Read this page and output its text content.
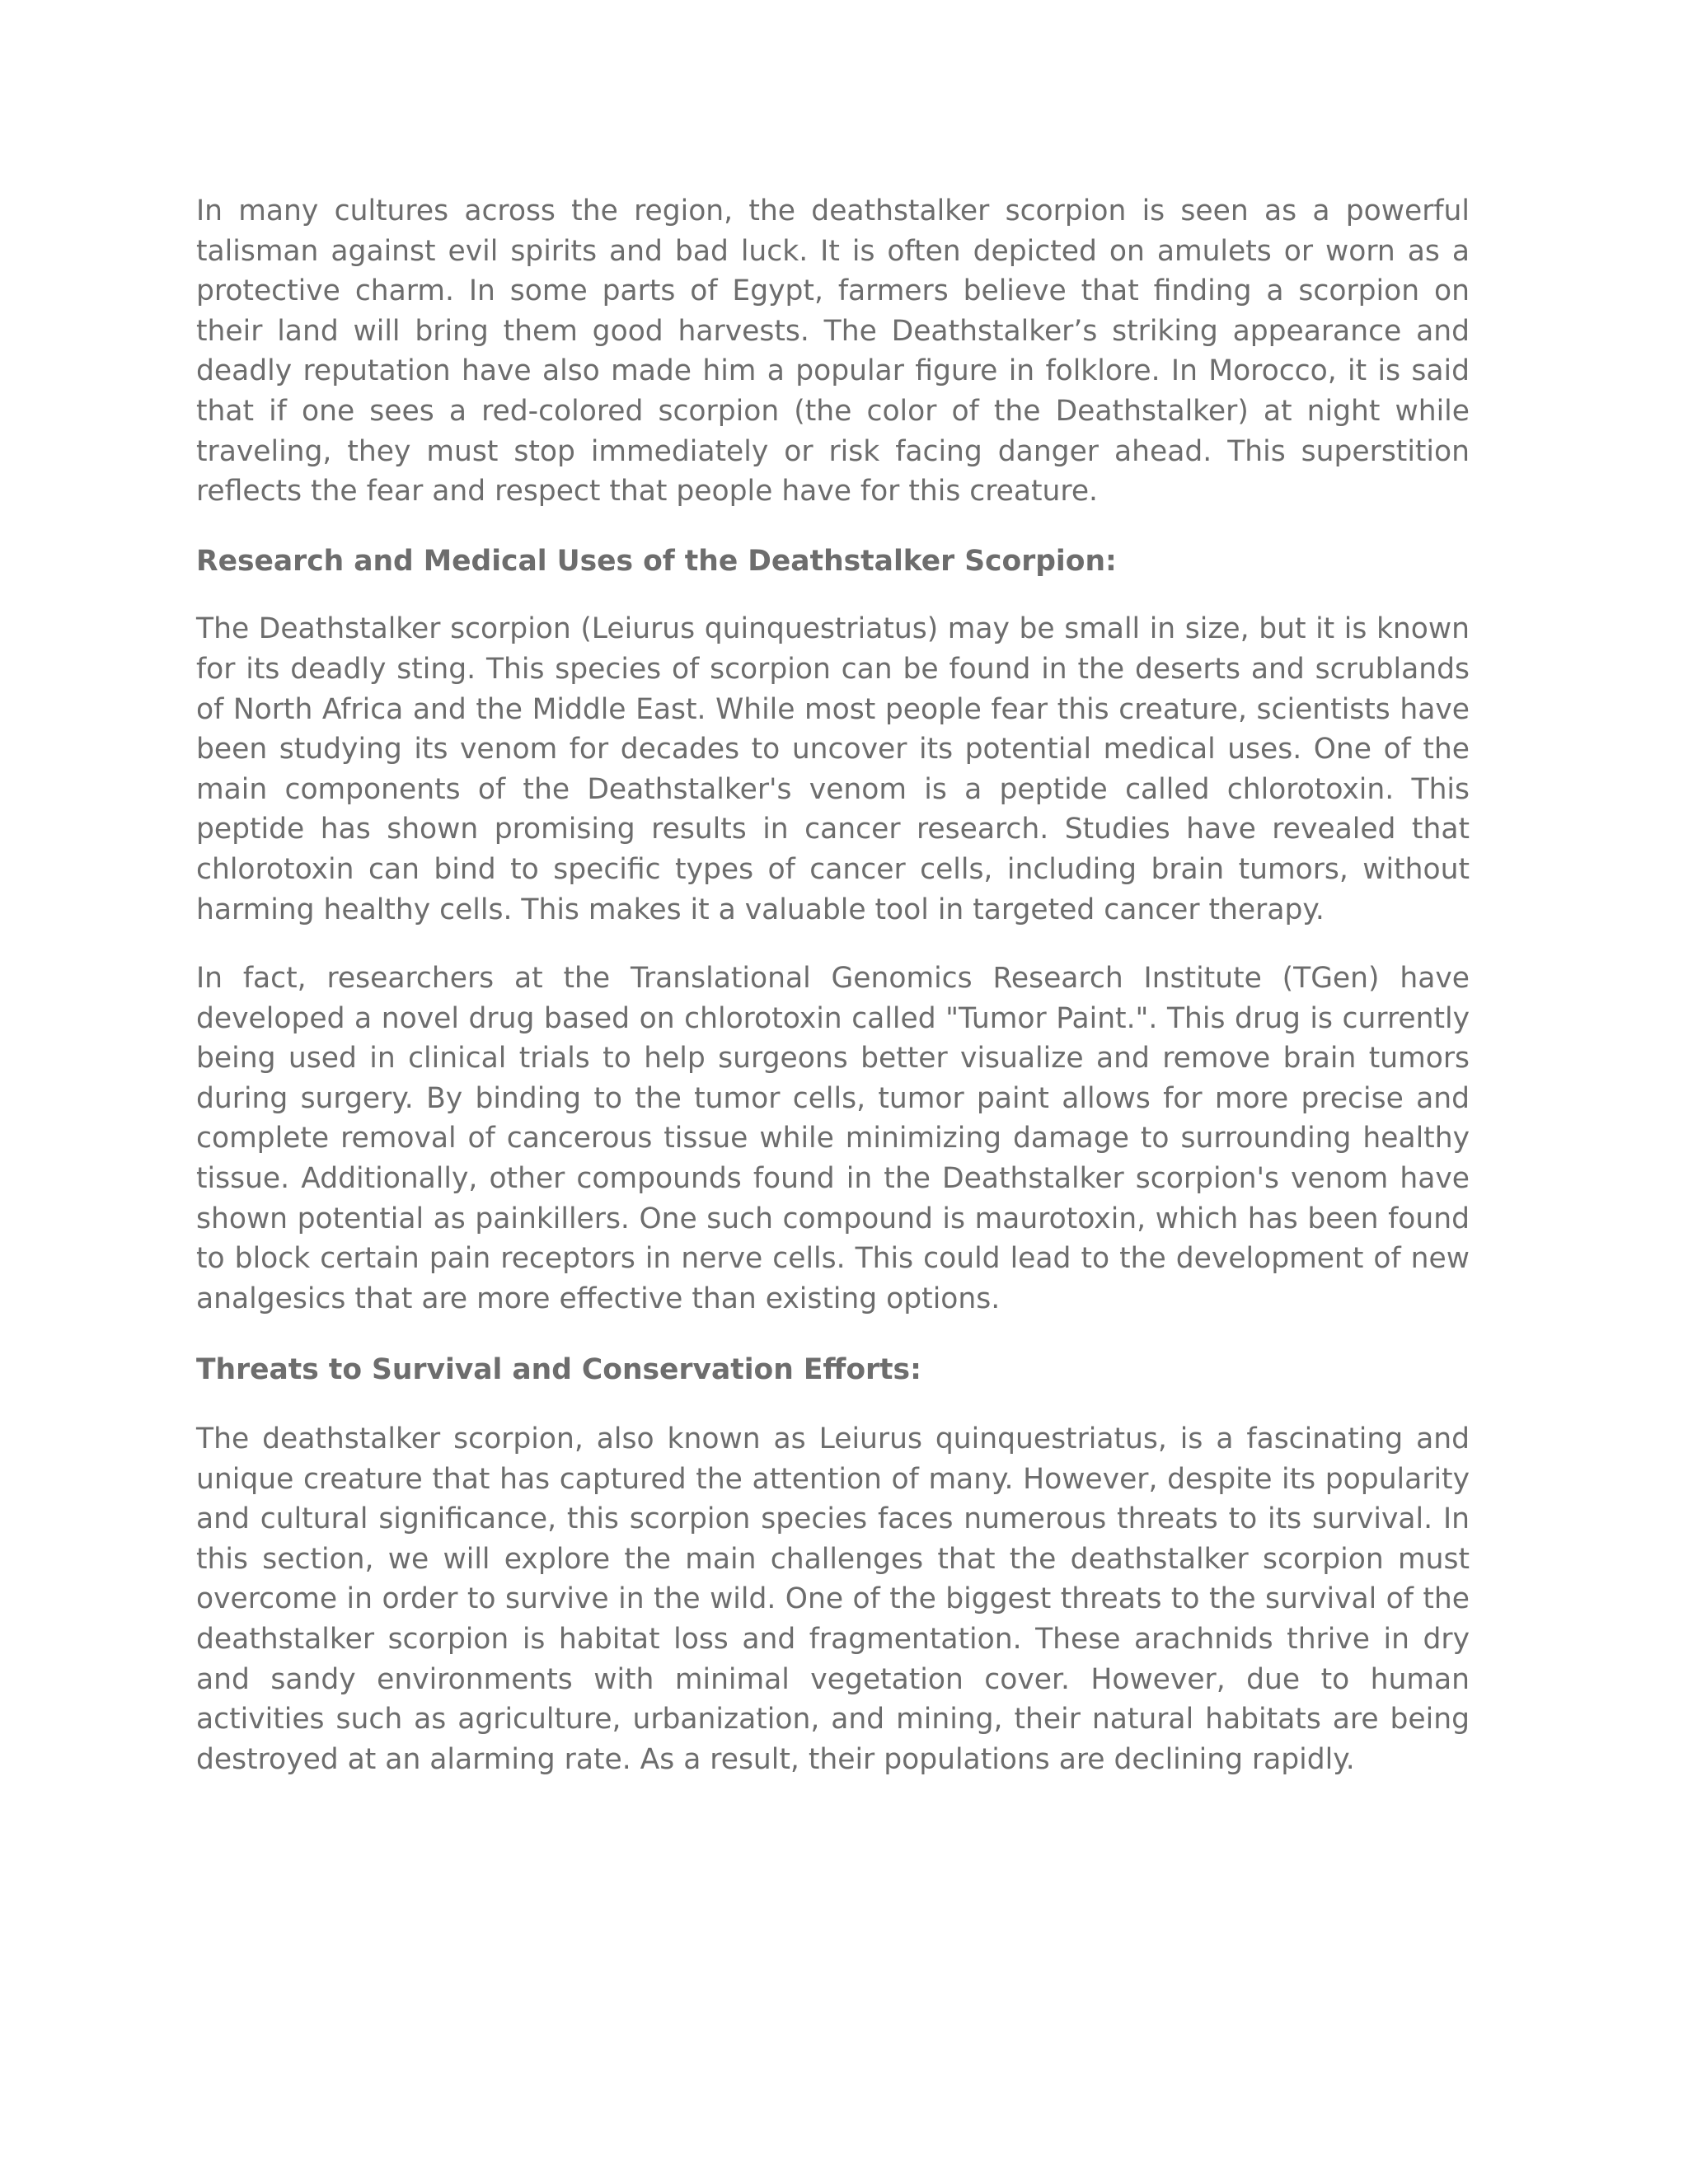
In many cultures across the region, the deathstalker scorpion is seen as a powerful talisman against evil spirits and bad luck. It is often depicted on amulets or worn as a protective charm. In some parts of Egypt, farmers believe that finding a scorpion on their land will bring them good harvests. The Deathstalker’s striking appearance and deadly reputation have also made him a popular figure in folklore. In Morocco, it is said that if one sees a red-colored scorpion (the color of the Deathstalker) at night while traveling, they must stop immediately or risk facing danger ahead. This superstition reflects the fear and respect that people have for this creature.

Research and Medical Uses of the Deathstalker Scorpion:

The Deathstalker scorpion (Leiurus quinquestriatus) may be small in size, but it is known for its deadly sting. This species of scorpion can be found in the deserts and scrublands of North Africa and the Middle East. While most people fear this creature, scientists have been studying its venom for decades to uncover its potential medical uses. One of the main components of the Deathstalker's venom is a peptide called chlorotoxin. This peptide has shown promising results in cancer research. Studies have revealed that chlorotoxin can bind to specific types of cancer cells, including brain tumors, without harming healthy cells. This makes it a valuable tool in targeted cancer therapy.

In fact, researchers at the Translational Genomics Research Institute (TGen) have developed a novel drug based on chlorotoxin called "Tumor Paint.". This drug is currently being used in clinical trials to help surgeons better visualize and remove brain tumors during surgery. By binding to the tumor cells, tumor paint allows for more precise and complete removal of cancerous tissue while minimizing damage to surrounding healthy tissue. Additionally, other compounds found in the Deathstalker scorpion's venom have shown potential as painkillers. One such compound is maurotoxin, which has been found to block certain pain receptors in nerve cells. This could lead to the development of new analgesics that are more effective than existing options.

Threats to Survival and Conservation Efforts:

The deathstalker scorpion, also known as Leiurus quinquestriatus, is a fascinating and unique creature that has captured the attention of many. However, despite its popularity and cultural significance, this scorpion species faces numerous threats to its survival. In this section, we will explore the main challenges that the deathstalker scorpion must overcome in order to survive in the wild. One of the biggest threats to the survival of the deathstalker scorpion is habitat loss and fragmentation. These arachnids thrive in dry and sandy environments with minimal vegetation cover. However, due to human activities such as agriculture, urbanization, and mining, their natural habitats are being destroyed at an alarming rate. As a result, their populations are declining rapidly.
